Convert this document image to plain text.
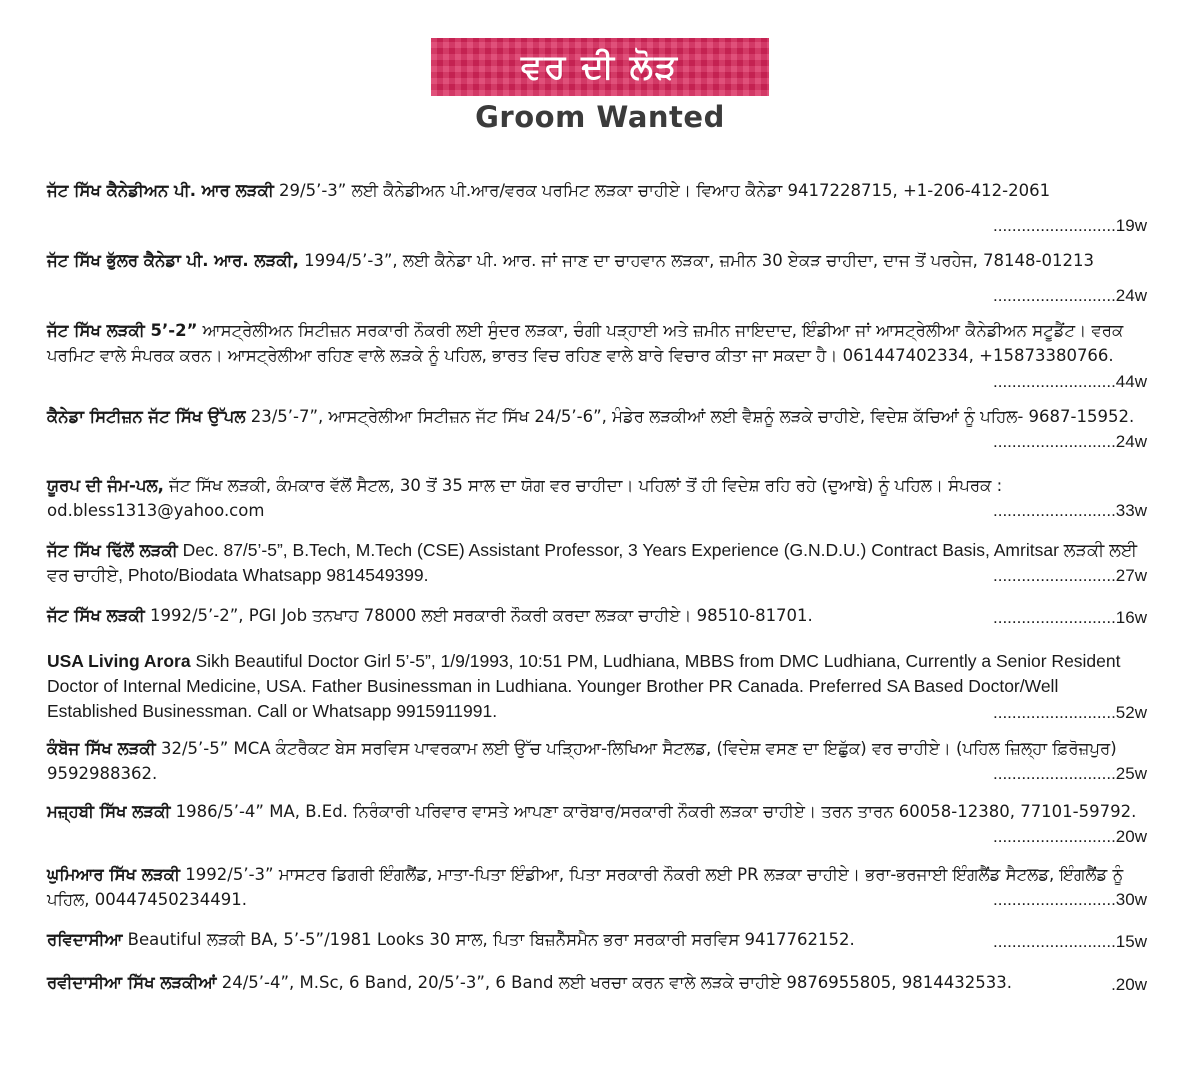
ਵਰ ਦੀ ਲੋੜ
Groom Wanted
ਜੱਟ ਸਿੱਖ ਕੈਨੇਡੀਅਨ ਪੀ. ਆਰ ਲੜਕੀ 29/5’-3” ਲਈ ਕੈਨੇਡੀਅਨ ਪੀ.ਆਰ/ਵਰਕ ਪਰਮਿਟ ਲੜਕਾ ਚਾਹੀਏ। ਵਿਆਹ ਕੈਨੇਡਾ 9417228715, +1-206-412-2061
..........................19w
ਜੱਟ ਸਿੱਖ ਭੁੱਲਰ ਕੈਨੇਡਾ ਪੀ. ਆਰ. ਲੜਕੀ, 1994/5’-3”, ਲਈ ਕੈਨੇਡਾ ਪੀ. ਆਰ. ਜਾਂ ਜਾਣ ਦਾ ਚਾਹਵਾਨ ਲੜਕਾ, ਜ਼ਮੀਨ 30 ਏਕੜ ਚਾਹੀਦਾ, ਦਾਜ ਤੋਂ ਪਰਹੇਜ, 78148-01213
..........................24w
ਜੱਟ ਸਿੱਖ ਲੜਕੀ 5’-2” ਆਸਟ੍ਰੇਲੀਅਨ ਸਿਟੀਜ਼ਨ ਸਰਕਾਰੀ ਨੌਕਰੀ ਲਈ ਸੁੰਦਰ ਲੜਕਾ, ਚੰਗੀ ਪੜ੍ਹਾਈ ਅਤੇ ਜ਼ਮੀਨ ਜਾਇਦਾਦ, ਇੰਡੀਆ ਜਾਂ ਆਸਟ੍ਰੇਲੀਆ ਕੈਨੇਡੀਅਨ ਸਟੂਡੈਂਟ। ਵਰਕ ਪਰਮਿਟ ਵਾਲੇ ਸੰਪਰਕ ਕਰਨ। ਆਸਟ੍ਰੇਲੀਆ ਰਹਿਣ ਵਾਲੇ ਲੜਕੇ ਨੂੰ ਪਹਿਲ, ਭਾਰਤ ਵਿਚ ਰਹਿਣ ਵਾਲੇ ਬਾਰੇ ਵਿਚਾਰ ਕੀਤਾ ਜਾ ਸਕਦਾ ਹੈ। 061447402334, +15873380766.
..........................44w
ਕੈਨੇਡਾ ਸਿਟੀਜ਼ਨ ਜੱਟ ਸਿੱਖ ਉੱਪਲ 23/5’-7”, ਆਸਟ੍ਰੇਲੀਆ ਸਿਟੀਜ਼ਨ ਜੱਟ ਸਿੱਖ 24/5’-6”, ਮੰਡੇਰ ਲੜਕੀਆਂ ਲਈ ਵੈਸ਼ਨੂੰ ਲੜਕੇ ਚਾਹੀਏ, ਵਿਦੇਸ਼ ਕੱਚਿਆਂ ਨੂੰ ਪਹਿਲ- 9687-15952.
..........................24w
ਯੂਰਪ ਦੀ ਜੰਮ-ਪਲ, ਜੱਟ ਸਿੱਖ ਲੜਕੀ, ਕੰਮਕਾਰ ਵੱਲੋਂ ਸੈਟਲ, 30 ਤੋਂ 35 ਸਾਲ ਦਾ ਯੋਗ ਵਰ ਚਾਹੀਦਾ। ਪਹਿਲਾਂ ਤੋਂ ਹੀ ਵਿਦੇਸ਼ ਰਹਿ ਰਹੇ (ਦੁਆਬੇ) ਨੂੰ ਪਹਿਲ। ਸੰਪਰਕ : od.bless1313@yahoo.com	..........................33w
ਜੱਟ ਸਿੱਖ ਢਿੱਲੋਂ ਲੜਕੀ Dec. 87/5’-5”, B.Tech, M.Tech (CSE) Assistant Professor, 3 Years Experience (G.N.D.U.) Contract Basis, Amritsar ਲੜਕੀ ਲਈ ਵਰ ਚਾਹੀਏ, Photo/Biodata Whatsapp 9814549399.	..........................27w
ਜੱਟ ਸਿੱਖ ਲੜਕੀ 1992/5’-2”, PGI Job ਤਨਖਾਹ 78000 ਲਈ ਸਰਕਾਰੀ ਨੌਕਰੀ ਕਰਦਾ ਲੜਕਾ ਚਾਹੀਏ। 98510-81701.	..........................16w
USA Living Arora Sikh Beautiful Doctor Girl 5’-5”, 1/9/1993, 10:51 PM, Ludhiana, MBBS from DMC Ludhiana, Currently a Senior Resident Doctor of Internal Medicine, USA. Father Businessman in Ludhiana. Younger Brother PR Canada. Preferred SA Based Doctor/Well Established Businessman. Call or Whatsapp 9915911991.	..........................52w
ਕੰਬੋਜ ਸਿੱਖ ਲੜਕੀ 32/5’-5” MCA ਕੰਟਰੈਕਟ ਬੇਸ ਸਰਵਿਸ ਪਾਵਰਕਾਮ ਲਈ ਉੱਚ ਪੜ੍ਹਿਆ-ਲਿਖਿਆ ਸੈਟਲਡ, (ਵਿਦੇਸ਼ ਵਸਣ ਦਾ ਇਛੁੱਕ) ਵਰ ਚਾਹੀਏ। (ਪਹਿਲ ਜ਼ਿਲ੍ਹਾ ਫ਼ਿਰੋਜ਼ਪੁਰ) 9592988362.	..........................25w
ਮਜ਼੍ਹਬੀ ਸਿੱਖ ਲੜਕੀ 1986/5’-4” MA, B.Ed. ਨਿਰੰਕਾਰੀ ਪਰਿਵਾਰ ਵਾਸਤੇ ਆਪਣਾ ਕਾਰੋਬਾਰ/ਸਰਕਾਰੀ ਨੌਕਰੀ ਲੜਕਾ ਚਾਹੀਏ। ਤਰਨ ਤਾਰਨ 60058-12380, 77101-59792.
..........................20w
ਘੁਮਿਆਰ ਸਿੱਖ ਲੜਕੀ 1992/5’-3” ਮਾਸਟਰ ਡਿਗਰੀ ਇੰਗਲੈਂਡ, ਮਾਤਾ-ਪਿਤਾ ਇੰਡੀਆ, ਪਿਤਾ ਸਰਕਾਰੀ ਨੌਕਰੀ ਲਈ PR ਲੜਕਾ ਚਾਹੀਏ। ਭਰਾ-ਭਰਜਾਈ ਇੰਗਲੈਂਡ ਸੈਟਲਡ, ਇੰਗਲੈਂਡ ਨੂੰ ਪਹਿਲ, 00447450234491.	..........................30w
ਰਵਿਦਾਸੀਆ Beautiful ਲੜਕੀ BA, 5’-5”/1981 Looks 30 ਸਾਲ, ਪਿਤਾ ਬਿਜ਼ਨੈੱਸਮੈਨ ਭਰਾ ਸਰਕਾਰੀ ਸਰਵਿਸ 9417762152.	..........................15w
ਰਵੀਦਾਸੀਆ ਸਿੱਖ ਲੜਕੀਆਂ 24/5’-4”, M.Sc, 6 Band, 20/5’-3”, 6 Band ਲਈ ਖਰਚਾ ਕਰਨ ਵਾਲੇ ਲੜਕੇ ਚਾਹੀਏ 9876955805, 9814432533.	.20w
